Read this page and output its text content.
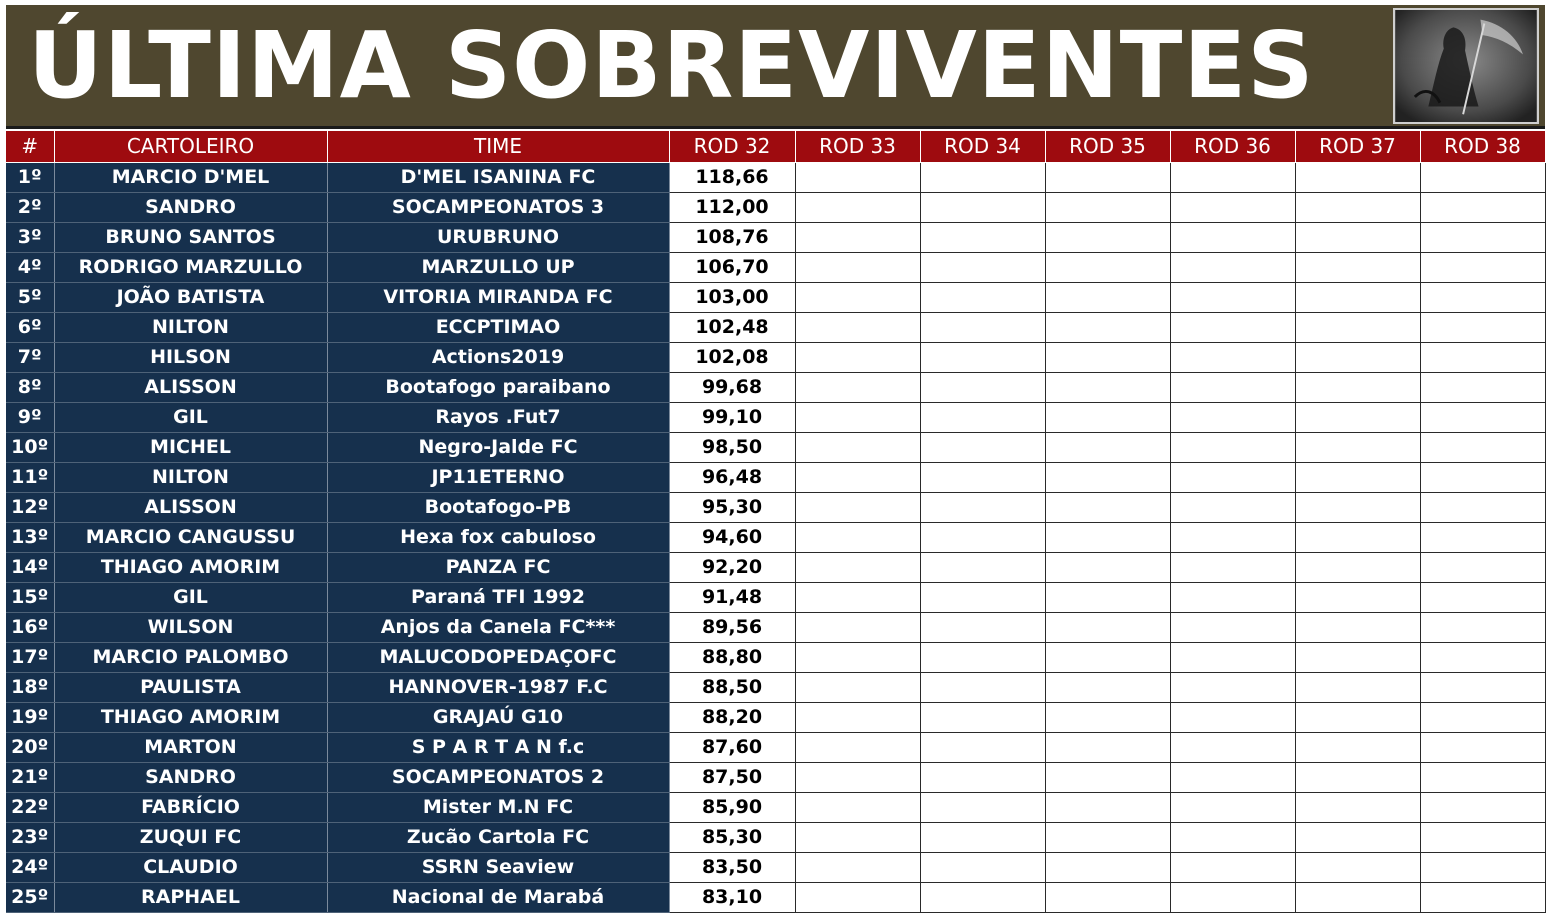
ÚLTIMA SOBREVIVENTES
#	CARTOLEIRO	TIME	ROD 32	ROD 33	ROD 34	ROD 35	ROD 36	ROD 37	ROD 38
1º	MARCIO D'MEL	D'MEL ISANINA FC	118,66						
2º	SANDRO	SOCAMPEONATOS 3	112,00						
3º	BRUNO SANTOS	URUBRUNO	108,76						
4º	RODRIGO MARZULLO	MARZULLO UP	106,70						
5º	JOÃO BATISTA	VITORIA MIRANDA FC	103,00						
6º	NILTON	ECCPTIMAO	102,48						
7º	HILSON	Actions2019	102,08						
8º	ALISSON	Bootafogo paraibano	99,68						
9º	GIL	Rayos .Fut7	99,10						
10º	MICHEL	Negro-Jalde FC	98,50						
11º	NILTON	JP11ETERNO	96,48						
12º	ALISSON	Bootafogo-PB	95,30						
13º	MARCIO CANGUSSU	Hexa fox cabuloso	94,60						
14º	THIAGO AMORIM	PANZA FC	92,20						
15º	GIL	Paraná TFI 1992	91,48						
16º	WILSON	Anjos da Canela FC***	89,56						
17º	MARCIO PALOMBO	MALUCODOPEDAÇOFC	88,80						
18º	PAULISTA	HANNOVER-1987 F.C	88,50						
19º	THIAGO AMORIM	GRAJAÚ G10	88,20						
20º	MARTON	S P A R T A N f.c	87,60						
21º	SANDRO	SOCAMPEONATOS 2	87,50						
22º	FABRÍCIO	Mister M.N FC	85,90						
23º	ZUQUI FC	Zucão Cartola FC	85,30						
24º	CLAUDIO	SSRN Seaview	83,50						
25º	RAPHAEL	Nacional de Marabá	83,10						
